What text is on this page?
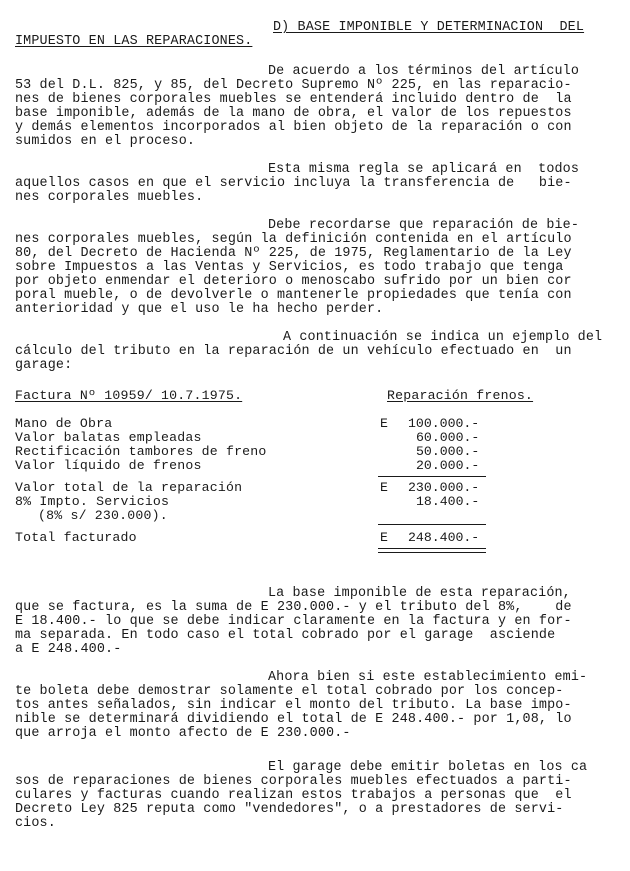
D) BASE IMPONIBLE Y DETERMINACION  DEL
IMPUESTO EN LAS REPARACIONES.
De acuerdo a los términos del artículo
53 del D.L. 825, y 85, del Decreto Supremo Nº 225, en las reparacio-
nes de bienes corporales muebles se entenderá incluido dentro de  la
base imponible, además de la mano de obra, el valor de los repuestos
y demás elementos incorporados al bien objeto de la reparación o con
sumidos en el proceso.
Esta misma regla se aplicará en  todos
aquellos casos en que el servicio incluya la transferencia de   bie-
nes corporales muebles.
Debe recordarse que reparación de bie-
nes corporales muebles, según la definición contenida en el artículo
80, del Decreto de Hacienda Nº 225, de 1975, Reglamentario de la Ley
sobre Impuestos a las Ventas y Servicios, es todo trabajo que tenga
por objeto enmendar el deterioro o menoscabo sufrido por un bien cor
poral mueble, o de devolverle o mantenerle propiedades que tenía con
anterioridad y que el uso le ha hecho perder.
A continuación se indica un ejemplo del
cálculo del tributo en la reparación de un vehículo efectuado en  un
garage:
Factura Nº 10959/ 10.7.1975.	Reparación frenos.
Mano de Obra	E 100.000.-
Valor balatas empleadas	60.000.-
Rectificación tambores de freno	50.000.-
Valor líquido de frenos	20.000.-
Valor total de la reparación	E 230.000.-
8% Impto. Servicios	18.400.-
(8% s/ 230.000).
Total facturado	E 248.400.-
La base imponible de esta reparación,
que se factura, es la suma de E 230.000.- y el tributo del 8%,    de
E 18.400.- lo que se debe indicar claramente en la factura y en for-
ma separada. En todo caso el total cobrado por el garage  asciende
a E 248.400.-
Ahora bien si este establecimiento emi-
te boleta debe demostrar solamente el total cobrado por los concep-
tos antes señalados, sin indicar el monto del tributo. La base impo-
nible se determinará dividiendo el total de E 248.400.- por 1,08, lo
que arroja el monto afecto de E 230.000.-
El garage debe emitir boletas en los ca
sos de reparaciones de bienes corporales muebles efectuados a parti-
culares y facturas cuando realizan estos trabajos a personas que  el
Decreto Ley 825 reputa como "vendedores", o a prestadores de servi-
cios.
